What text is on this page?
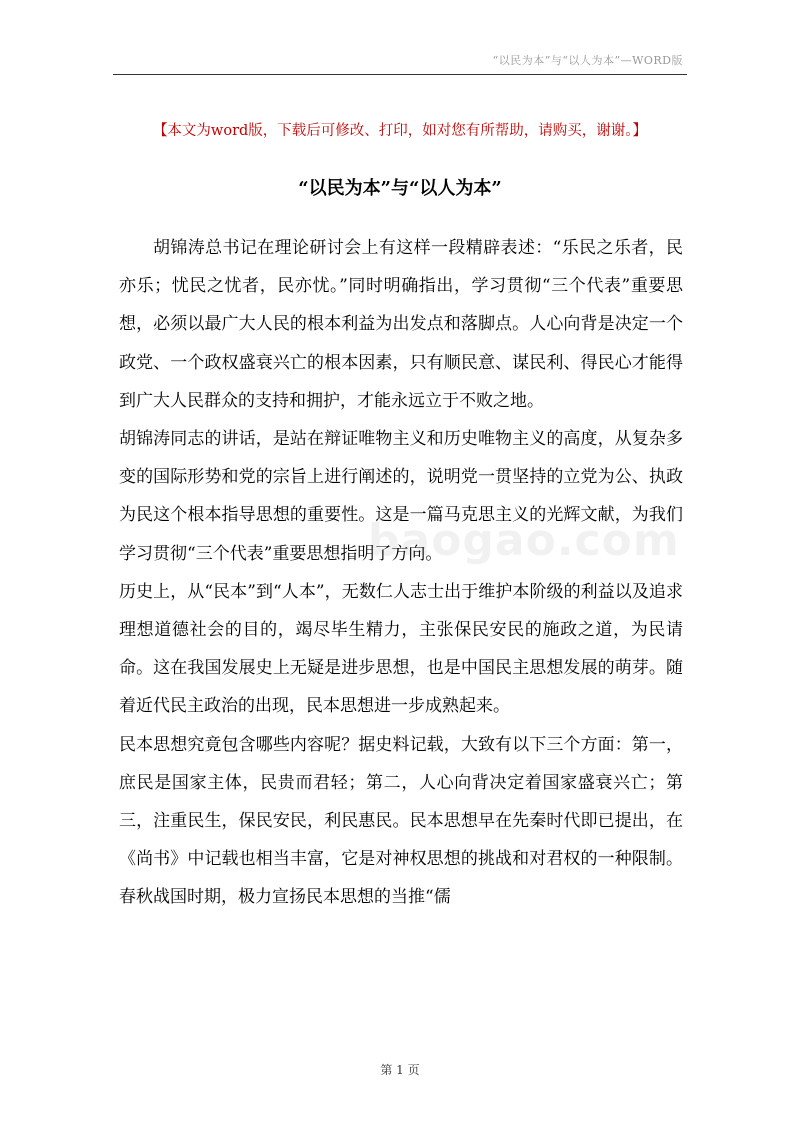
“以民为本”与“以人为本”—WORD版
【本文为word版，下载后可修改、打印，如对您有所帮助，请购买，谢谢。】
“以民为本”与“以人为本”

胡锦涛总书记在理论研讨会上有这样一段精辟表述：“乐民之乐者，民亦乐；忧民之忧者，民亦忧。”同时明确指出，学习贯彻“三个代表”重要思想，必须以最广大人民的根本利益为出发点和落脚点。人心向背是决定一个政党、一个政权盛衰兴亡的根本因素，只有顺民意、谋民利、得民心才能得到广大人民群众的支持和拥护，才能永远立于不败之地。

胡锦涛同志的讲话，是站在辩证唯物主义和历史唯物主义的高度，从复杂多变的国际形势和党的宗旨上进行阐述的，说明党一贯坚持的立党为公、执政为民这个根本指导思想的重要性。这是一篇马克思主义的光辉文献，为我们学习贯彻“三个代表”重要思想指明了方向。

历史上，从“民本”到“人本”，无数仁人志士出于维护本阶级的利益以及追求理想道德社会的目的，竭尽毕生精力，主张保民安民的施政之道，为民请命。这在我国发展史上无疑是进步思想，也是中国民主思想发展的萌芽。随着近代民主政治的出现，民本思想进一步成熟起来。

民本思想究竟包含哪些内容呢？据史料记载，大致有以下三个方面：第一，庶民是国家主体，民贵而君轻；第二，人心向背决定着国家盛衰兴亡；第三，注重民生，保民安民，利民惠民。民本思想早在先秦时代即已提出，在《尚书》中记载也相当丰富，它是对神权思想的挑战和对君权的一种限制。春秋战国时期，极力宣扬民本思想的当推“儒

baogao.com
第 1 页
